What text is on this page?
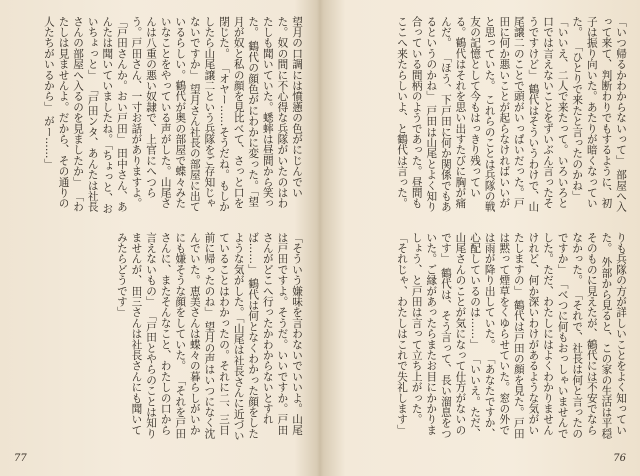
望月の口調には憤懣の色がにじんでいた。奴の間に不心得な兵隊がいたのはわたしも聞いていた。蟋蟀は昼間から笑った。 鶴代の顔色がにわかに変った。「望月が奴と私の顔を見比べて、さっと口を閉じた。 「オヤー……そうだね。もしかしたら山尾譲二という兵隊をご存知じゃないですか」 望月さん社長の部屋に出ているらしい。鶴代が奥の部屋で蝶々みたいなことをやっている声がした。山尾さんは八重の悪い奴隷で、上官にへつらう。戸田さん、一寸お話がありますよ。 「戸田さんか。おい戸田」 田中さん、あんたは聞いていましたね。「ちょっと、おいちょっと」 「戸田ンタ、あんたは社長さんの部屋へ入るのを見ましたか」 「わたしは見ませんよ。だから、その通りの人たちがいるから」 がー……」
「そういう嫌味を言わないでいいよ。山尾は戸田ですよ。そうだ。いいですか。戸田さんがどこへ行ったかわからないとすれば……」 鶴代は何となくわかった顔をしたような気がした。「山尾は社長さんに近づいていることはわかったの。それに二、三日前に帰ったのね」 望月の声はいつになく沈んでいた。恵美さんは蝶々の暮らしがいかにも嫌そうな顔をしていた。 「それを戸田さんに、またそんなこと、わたしの口から言えないもの」 「戸田とやらのことは知りませんが、田三さんは社長さんにも聞いてみたらどうです」
77
「いつ帰るかわからないって」 部屋へ入って来て、判断わりでもするように、初子は振り向いた。あたりが暗くなっていた。 「ひとりで来たと言ったのかね」 「いいえ、二人で来たって。いろいろと口では言えないことをずいぶん言ったそうですけど」 鶴代はそういうわけで、山尾譲二のことで頭がいっぱいだった。戸田に何か悪いことが起らなければいいがと思っていた。 これらのことは兵隊の戦友の記憶として今もはっきり残っている。鶴代はそれを思い出すたびに胸が痛んだ。 「ほう、下戸田に何か関係でもあるというのかね」 戸田は山尾とよく知り合っている間柄のようであった。昼間もここへ来たらしいよ、と鶴代は言った。
りも兵隊の方が詳しいことをよく知っていた。 外部から見ると、この家の生活は平穏そのものに見えたが、鶴代には不安でならなかった。 「それで、社長は何と言ったのですか」 「べつに何もおっしゃいませんでした。ただ、わたしにはよくわかりませんけれど、何か深いわけがあるような気がいたしますの」 鶴代は戸田の顔を見た。戸田は黙って煙草をくゆらせていた。窓の外では雨が降り出していた。 「あなたですか、心配しているのは……」 「いいえ。ただ、山尾さんのことが気になって仕方がないのです」 鶴代は、そう言って、長い溜息をついた。ご縁があったらまたお目にかかりましょう、と戸田は言って立ち上がった。 「それじゃ、わたしはこれで失礼します」
76
